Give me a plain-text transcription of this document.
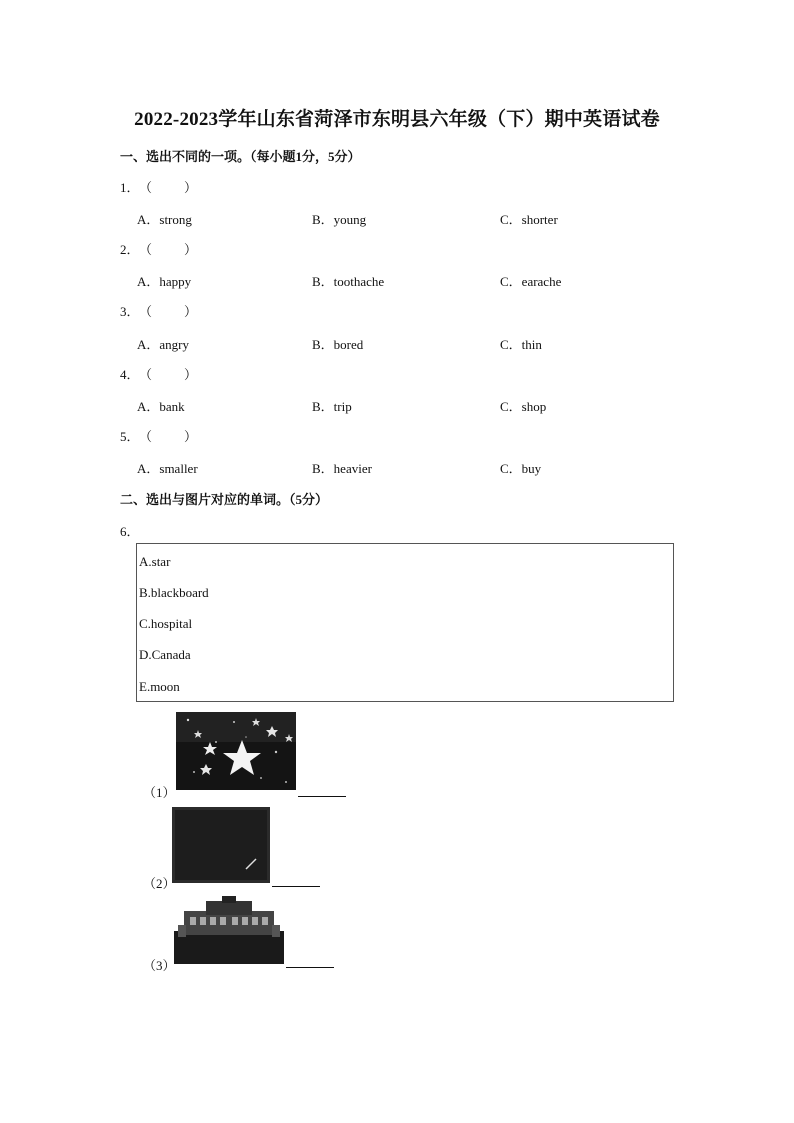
2022-2023学年山东省菏泽市东明县六年级（下）期中英语试卷
一、选出不同的一项。（每小题1分，5分）
1． （　　）
A．strong	B．young	C．shorter
2． （　　）
A．happy	B．toothache	C．earache
3． （　　）
A．angry	B．bored	C．thin
4． （　　）
A．bank	B．trip	C．shop
5． （　　）
A．smaller	B．heavier	C．buy
二、选出与图片对应的单词。（5分）
6．
A.star
B.blackboard
C.hospital
D.Canada
E.moon
（1）
（2）
（3）
